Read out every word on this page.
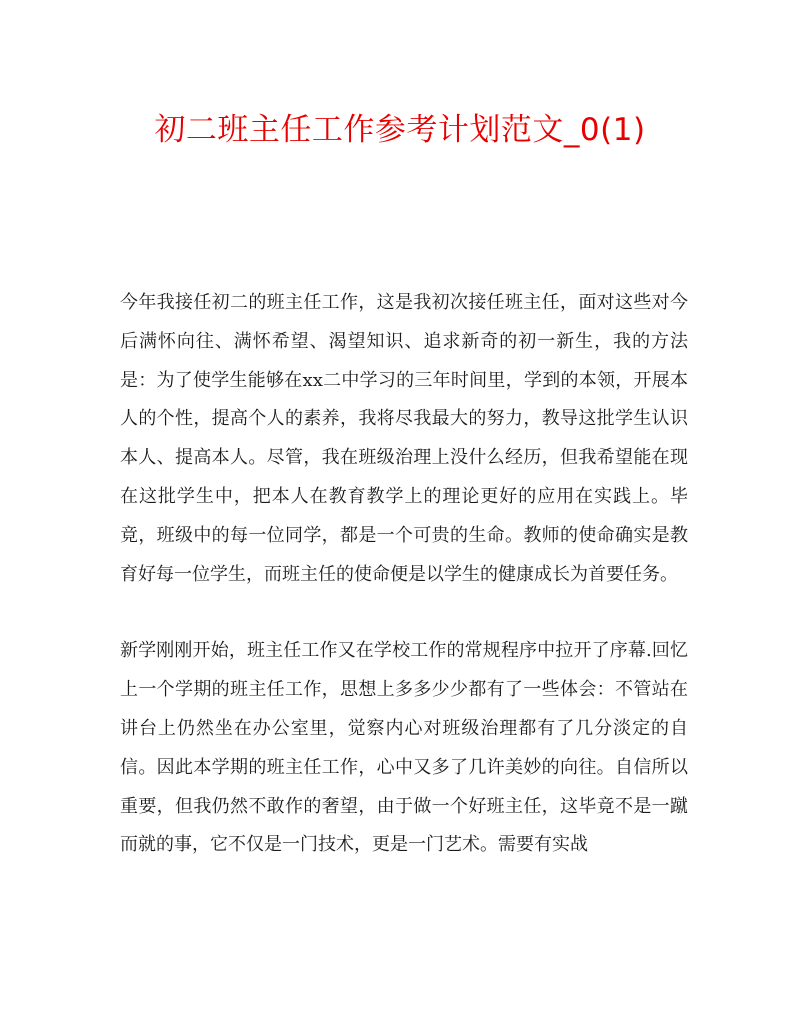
初二班主任工作参考计划范文_0(1)

今年我接任初二的班主任工作，这是我初次接任班主任，面对这些对今后满怀向往、满怀希望、渴望知识、追求新奇的初一新生，我的方法是：为了使学生能够在xx二中学习的三年时间里，学到的本领，开展本人的个性，提高个人的素养，我将尽我最大的努力，教导这批学生认识本人、提高本人。尽管，我在班级治理上没什么经历，但我希望能在现在这批学生中，把本人在教育教学上的理论更好的应用在实践上。毕竟，班级中的每一位同学，都是一个可贵的生命。教师的使命确实是教育好每一位学生，而班主任的使命便是以学生的健康成长为首要任务。

新学刚刚开始，班主任工作又在学校工作的常规程序中拉开了序幕.回忆上一个学期的班主任工作，思想上多多少少都有了一些体会：不管站在讲台上仍然坐在办公室里，觉察内心对班级治理都有了几分淡定的自信。因此本学期的班主任工作，心中又多了几许美妙的向往。自信所以重要，但我仍然不敢作的奢望，由于做一个好班主任，这毕竟不是一蹴而就的事，它不仅是一门技术，更是一门艺术。需要有实战
